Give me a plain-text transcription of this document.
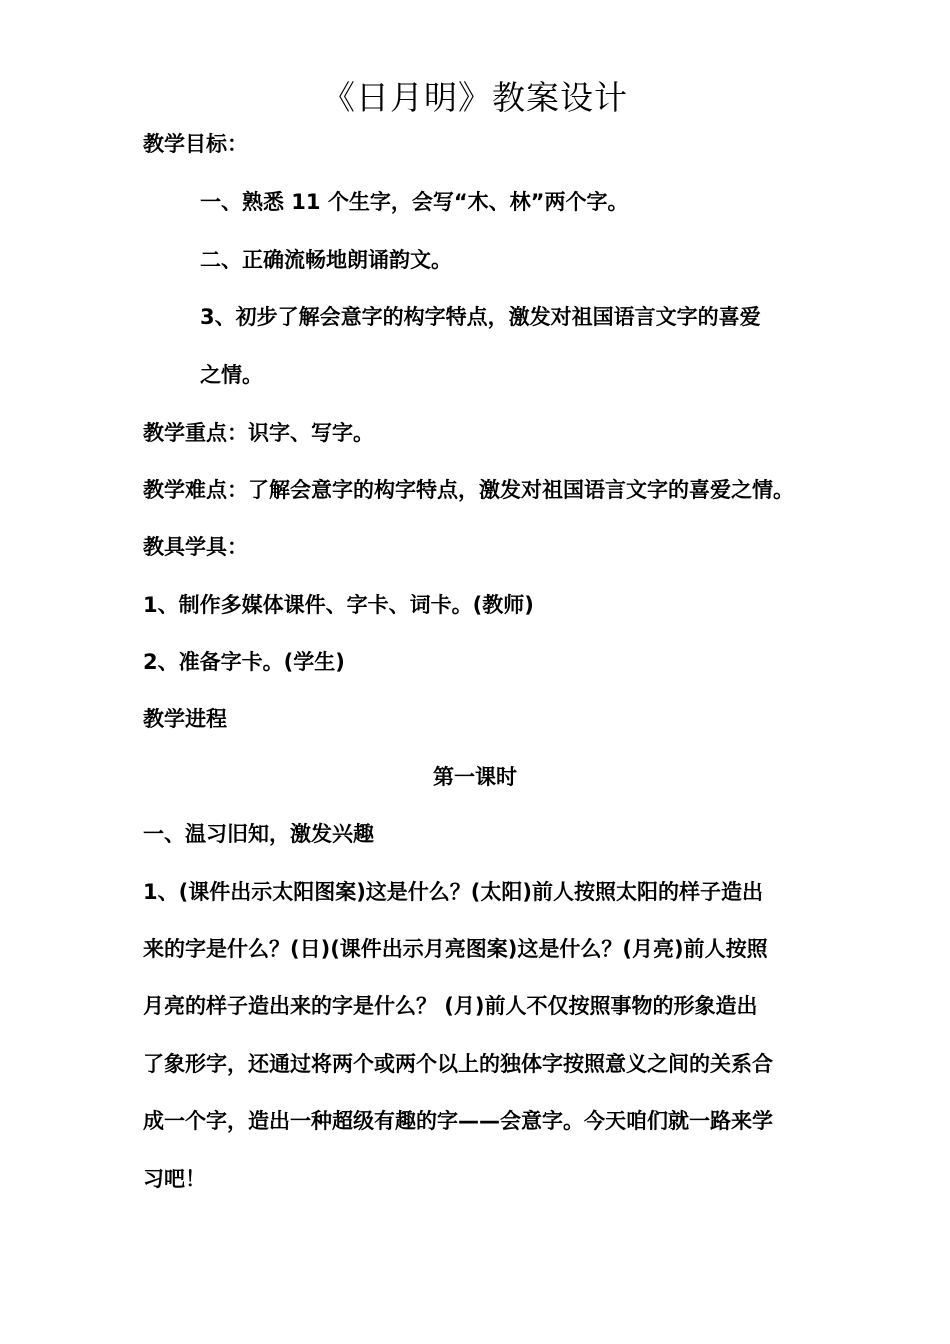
《日月明》教案设计
教学目标：
一、熟悉 11 个生字，会写“木、林”两个字。
二、正确流畅地朗诵韵文。
3、初步了解会意字的构字特点，激发对祖国语言文字的喜爱
之情。
教学重点：识字、写字。
教学难点：了解会意字的构字特点，激发对祖国语言文字的喜爱之情。
教具学具：
1、制作多媒体课件、字卡、词卡。(教师)
2、准备字卡。(学生)
教学进程
第一课时
一、温习旧知，激发兴趣
1、(课件出示太阳图案)这是什么？(太阳)前人按照太阳的样子造出
来的字是什么？(日)(课件出示月亮图案)这是什么？(月亮)前人按照
月亮的样子造出来的字是什么？ (月)前人不仅按照事物的形象造出
了象形字，还通过将两个或两个以上的独体字按照意义之间的关系合
成一个字，造出一种超级有趣的字——会意字。今天咱们就一路来学
习吧！
